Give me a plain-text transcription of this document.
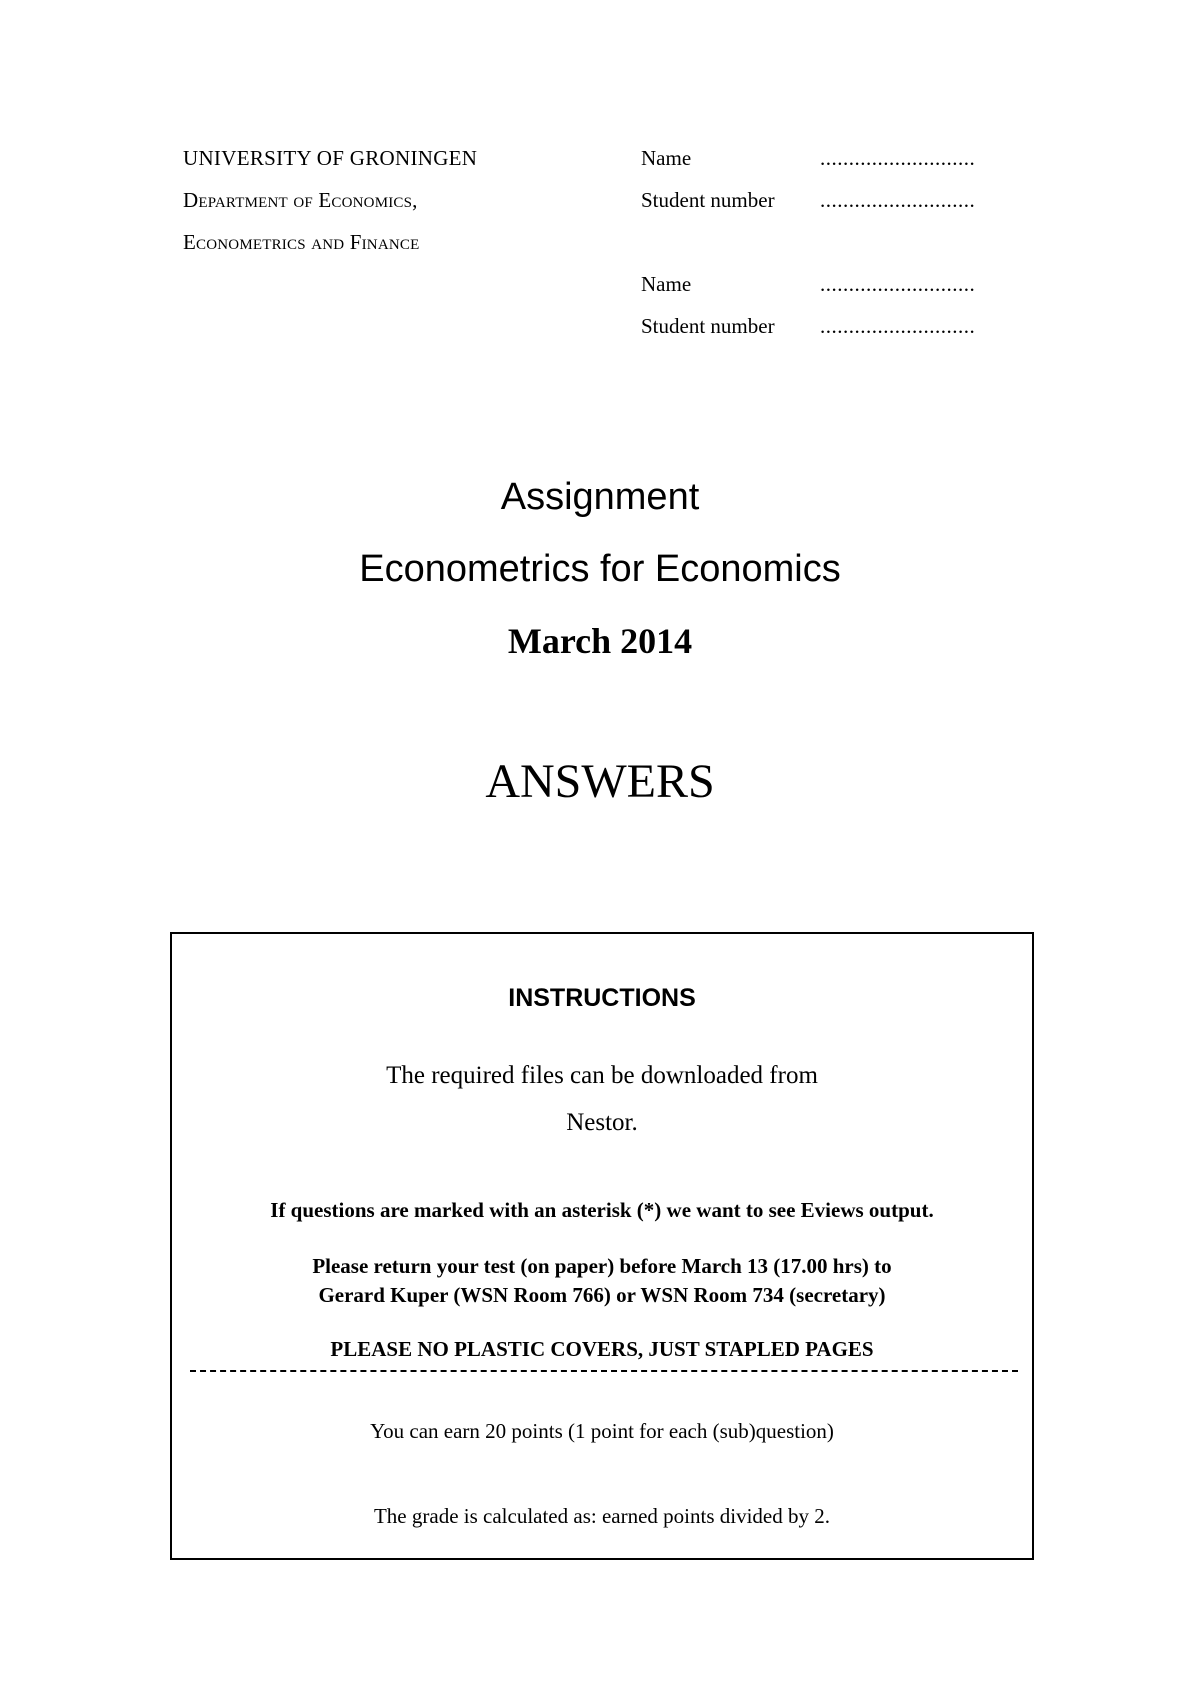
UNIVERSITY OF GRONINGEN
Department of Economics,
Econometrics and Finance
Name	...........................
Student number ...........................
Name	...........................
Student number ...........................
Assignment
Econometrics for Economics
March 2014
ANSWERS
INSTRUCTIONS
The required files can be downloaded from
Nestor.
If questions are marked with an asterisk (*) we want to see Eviews output.
Please return your test (on paper) before March 13 (17.00 hrs) to
Gerard Kuper (WSN Room 766) or WSN Room 734 (secretary)
PLEASE NO PLASTIC COVERS, JUST STAPLED PAGES
You can earn 20 points (1 point for each (sub)question)
The grade is calculated as: earned points divided by 2.
